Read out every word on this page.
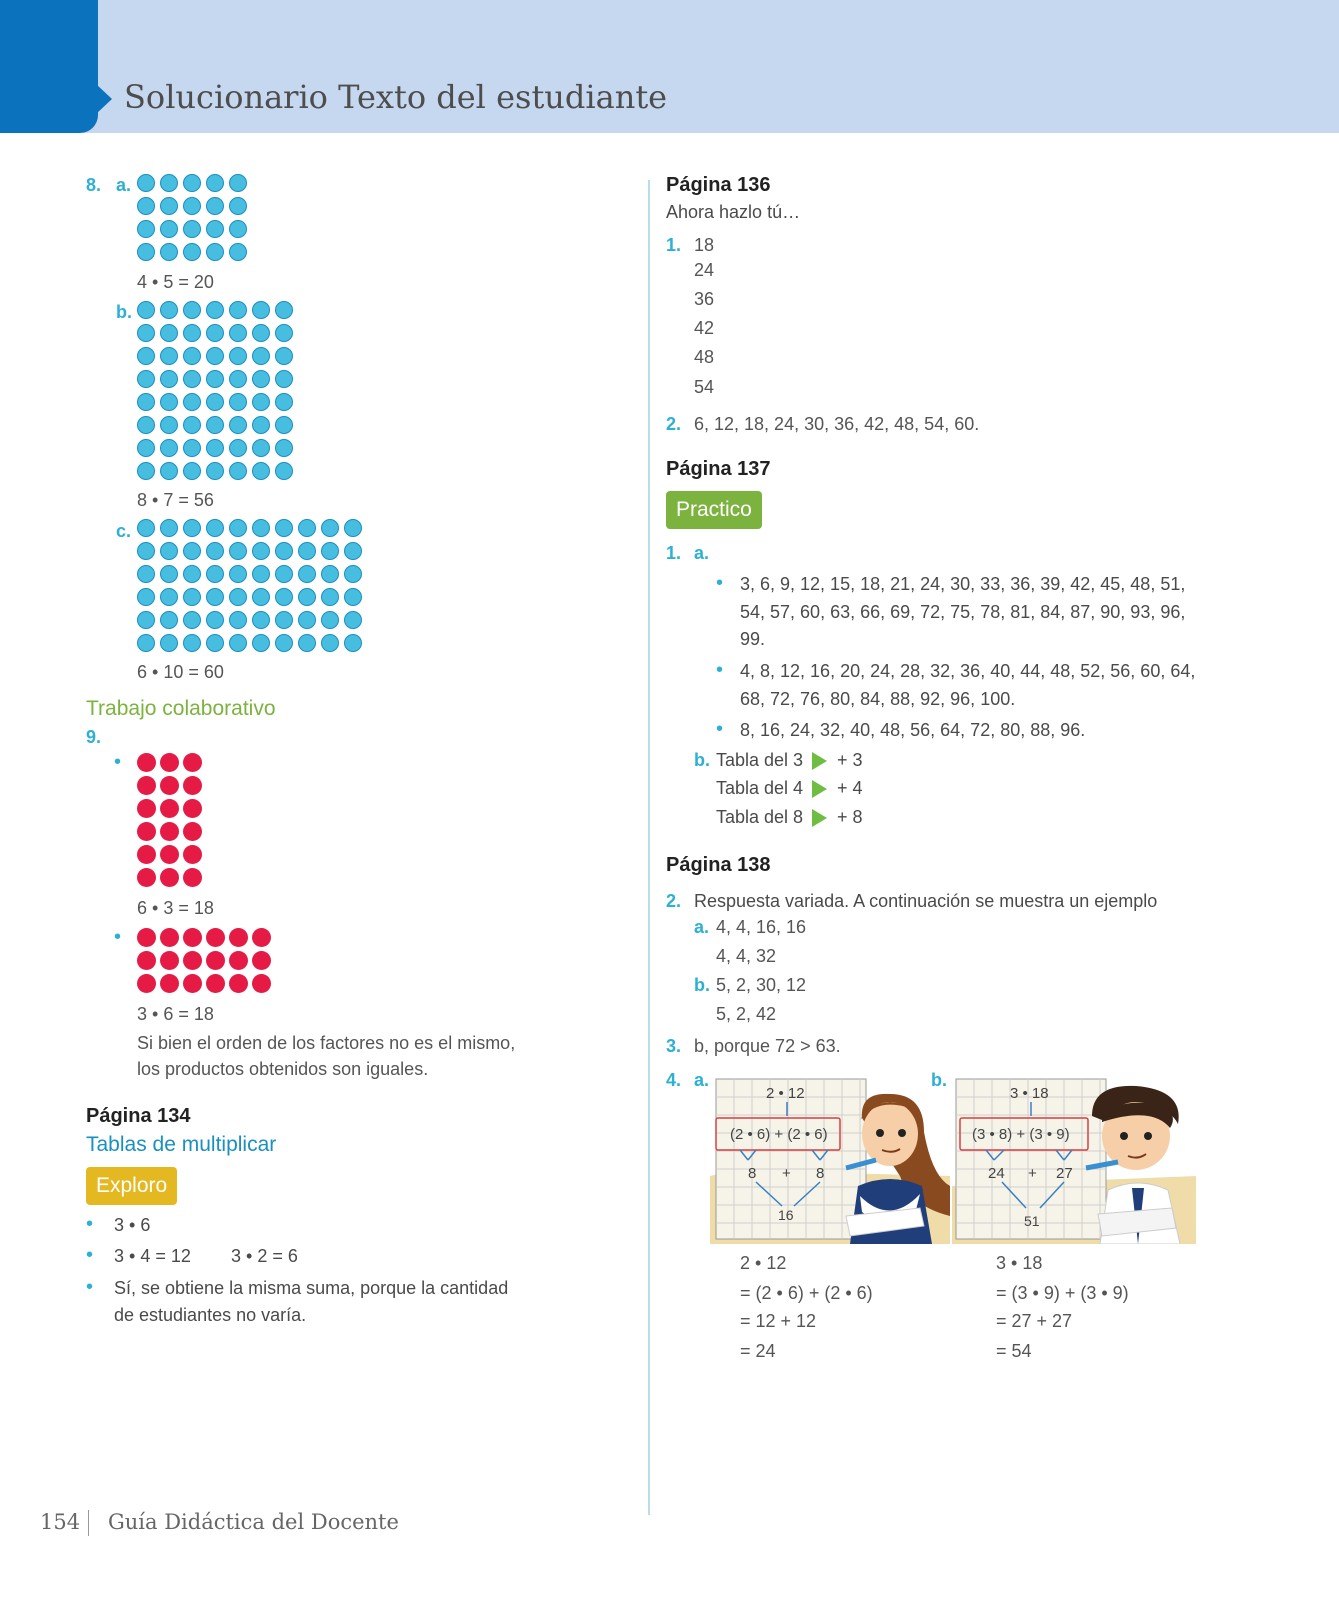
Solucionario Texto del estudiante
8. a.
4 • 5 = 20
b.
8 • 7 = 56
c.
6 • 10 = 60
Trabajo colaborativo
9.
•
6 • 3 = 18
•
3 • 6 = 18
Si bien el orden de los factores no es el mismo,
los productos obtenidos son iguales.
Página 134
Tablas de multiplicar
Exploro
• 3 • 6
• 3 • 4 = 12 3 • 2 = 6
• Sí, se obtiene la misma suma, porque la cantidad
de estudiantes no varía.
Página 136
Ahora hazlo tú…
1. 18
24
36
42
48
54
2. 6, 12, 18, 24, 30, 36, 42, 48, 54, 60.
Página 137
Practico
1. a.
• 3, 6, 9, 12, 15, 18, 21, 24, 30, 33, 36, 39, 42, 45, 48, 51,
54, 57, 60, 63, 66, 69, 72, 75, 78, 81, 84, 87, 90, 93, 96,
99.
• 4, 8, 12, 16, 20, 24, 28, 32, 36, 40, 44, 48, 52, 56, 60, 64,
68, 72, 76, 80, 84, 88, 92, 96, 100.
• 8, 16, 24, 32, 40, 48, 56, 64, 72, 80, 88, 96.
b. Tabla del 3 + 3
Tabla del 4 + 4
Tabla del 8 + 8
Página 138
2. Respuesta variada. A continuación se muestra un ejemplo
a. 4, 4, 16, 16
4, 4, 32
b. 5, 2, 30, 12
5, 2, 42
3. b, porque 72 > 63.
4. a.	b.
2 • 12
(2 • 6) + (2 • 6)
8 + 8
16
3 • 18
(3 • 8) + (3 • 9)
24 + 27
51
2 • 12
= (2 • 6) + (2 • 6)
= 12 + 12
= 24
3 • 18
= (3 • 9) + (3 • 9)
= 27 + 27
= 54
154 Guía Didáctica del Docente
